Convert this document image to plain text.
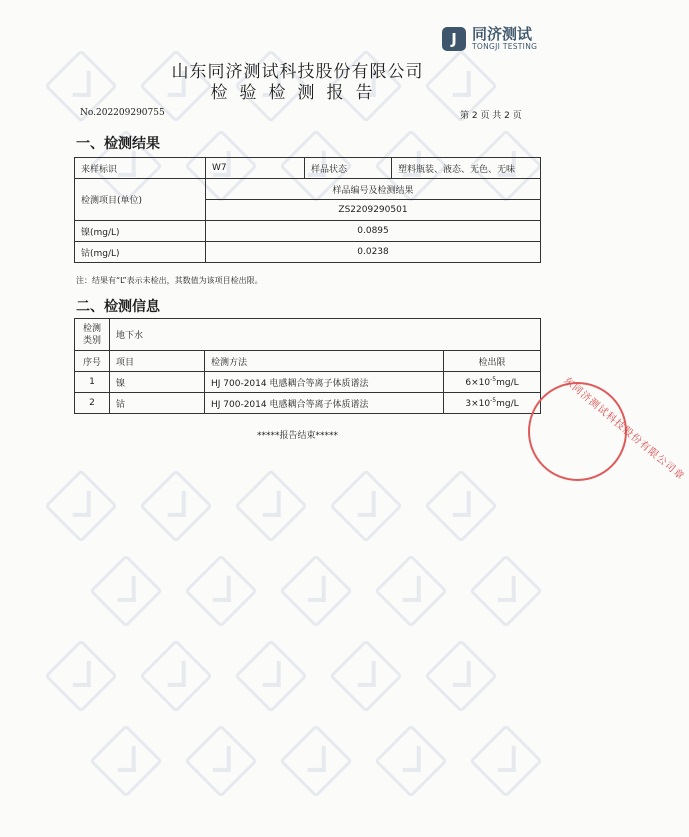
J	同济测试
TONGJI TESTING
山东同济测试科技股份有限公司
检验检测报告
No.202209290755	第 2 页 共 2 页
一、检测结果
来样标识	W7	样品状态	塑料瓶装、液态、无色、无味
检测项目(单位)	样品编号及检测结果		
	ZS2209290501		
镍(mg/L)	0.0895		
钴(mg/L)	0.0238		
注：结果有“L”表示未检出，其数值为该项目检出限。
二、检测信息
检测类别	地下水		
序号	项目	检测方法	检出限
1	镍	HJ 700-2014 电感耦合等离子体质谱法	$6\times 10^{-5}mg/L$
2	钴	HJ 700-2014 电感耦合等离子体质谱法	$3\times 10^{-5}mg/L$
*****报告结束*****	东同济测试科技股份有限公司章
